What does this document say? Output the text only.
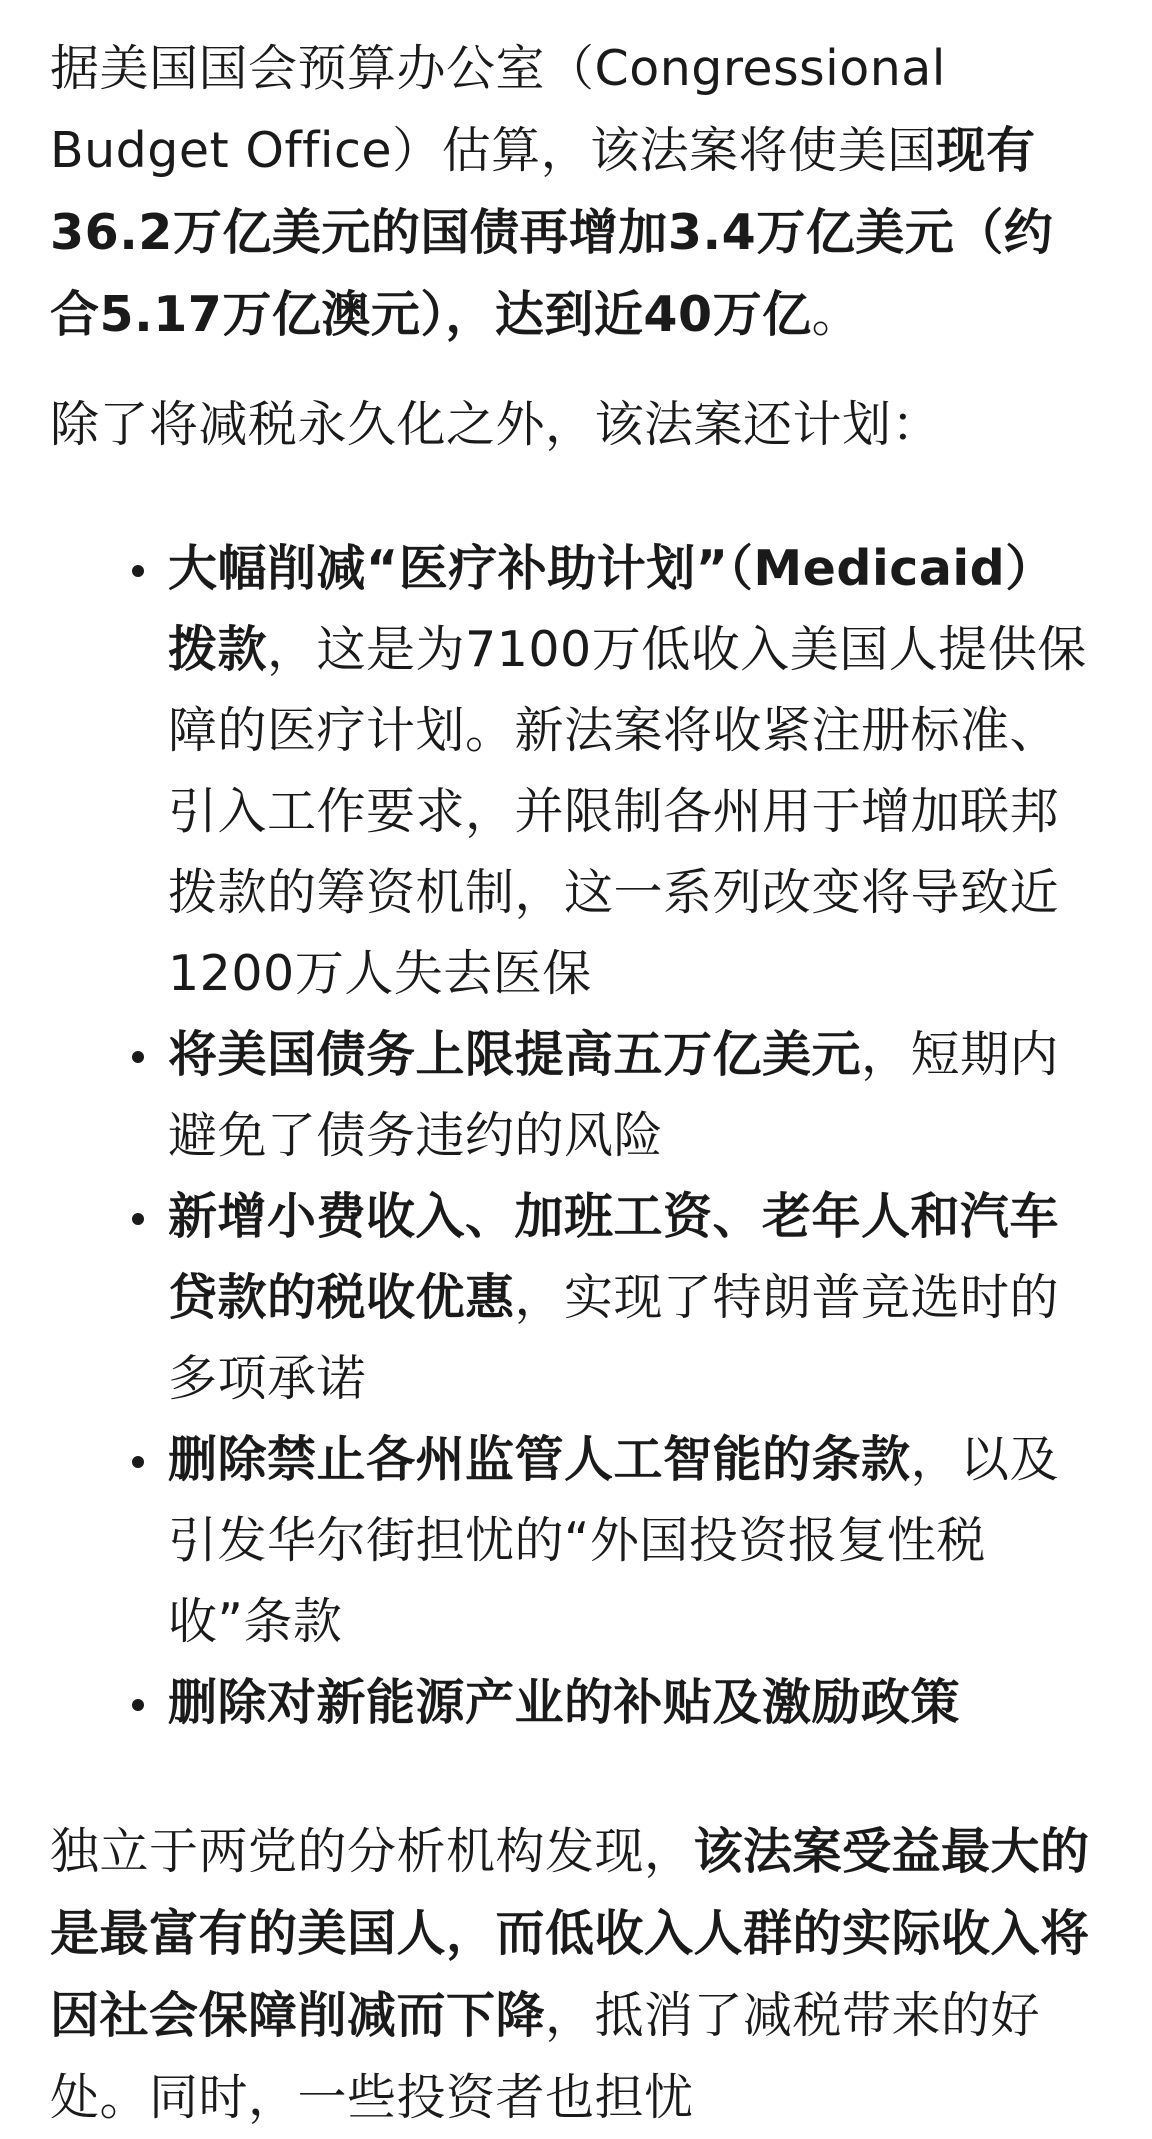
据美国国会预算办公室（Congressional Budget Office）估算，该法案将使美国现有36.2万亿美元的国债再增加3.4万亿美元（约合5.17万亿澳元），达到近40万亿。

除了将减税永久化之外，该法案还计划：

大幅削减“医疗补助计划”（Medicaid）拨款，这是为7100万低收入美国人提供保障的医疗计划。新法案将收紧注册标准、引入工作要求，并限制各州用于增加联邦拨款的筹资机制，这一系列改变将导致近1200万人失去医保
将美国债务上限提高五万亿美元，短期内避免了债务违约的风险
新增小费收入、加班工资、老年人和汽车贷款的税收优惠，实现了特朗普竞选时的多项承诺
删除禁止各州监管人工智能的条款，以及引发华尔街担忧的“外国投资报复性税收”条款
删除对新能源产业的补贴及激励政策

独立于两党的分析机构发现，该法案受益最大的是最富有的美国人，而低收入人群的实际收入将因社会保障削减而下降，抵消了减税带来的好处。同时，一些投资者也担忧
